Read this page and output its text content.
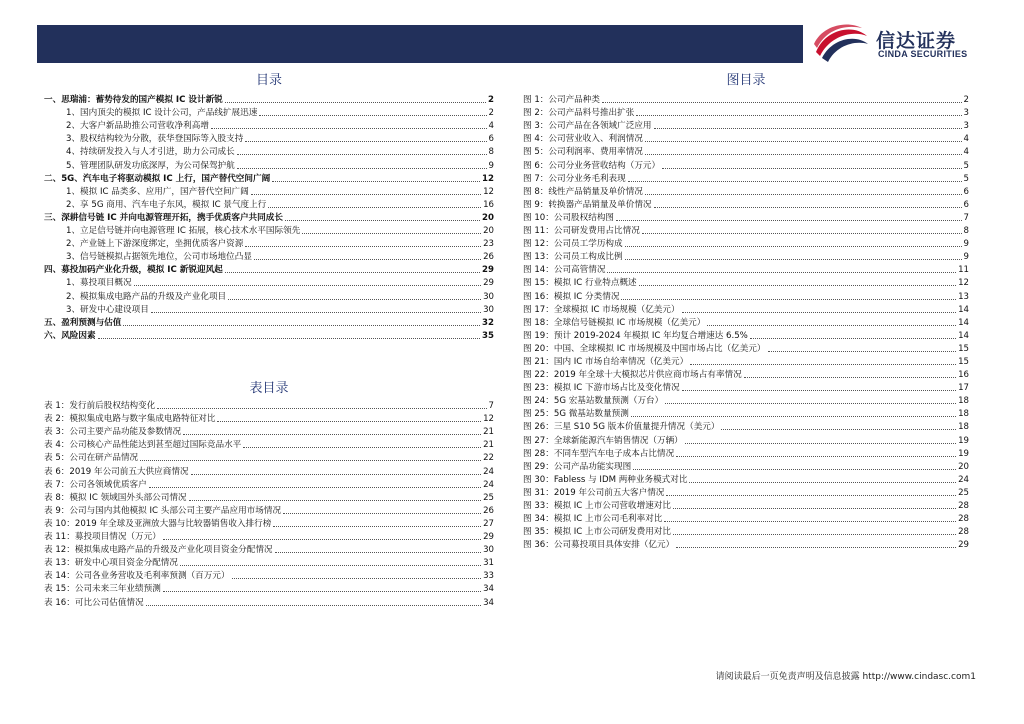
信达证券
CINDA SECURITIES
目录
一、思瑞浦：蓄势待发的国产模拟 IC 设计新锐	2
1、国内顶尖的模拟 IC 设计公司，产品线扩展迅速	2
2、大客户新品助推公司营收净利高增	4
3、股权结构较为分散，获华登国际等入股支持	6
4、持续研发投入与人才引进，助力公司成长	8
5、管理团队研发功底深厚，为公司保驾护航	9
二、5G、汽车电子将驱动模拟 IC 上行，国产替代空间广阔	12
1、模拟 IC 品类多、应用广，国产替代空间广阔	12
2、享 5G 商用、汽车电子东风，模拟 IC 景气度上行	16
三、深耕信号链 IC 并向电源管理开拓，携手优质客户共同成长	20
1、立足信号链并向电源管理 IC 拓展，核心技术水平国际领先	20
2、产业链上下游深度绑定，坐拥优质客户资源	23
3、信号链模拟占据领先地位，公司市场地位凸显	26
四、募投加码产业化升级，模拟 IC 新锐迎风起	29
1、募投项目概况	29
2、模拟集成电路产品的升级及产业化项目	30
3、研发中心建设项目	30
五、盈利预测与估值	32
六、风险因素	35
表目录
表 1：发行前后股权结构变化	7
表 2：模拟集成电路与数字集成电路特征对比	12
表 3：公司主要产品功能及参数情况	21
表 4：公司核心产品性能达到甚至超过国际竞品水平	21
表 5：公司在研产品情况	22
表 6：2019 年公司前五大供应商情况	24
表 7：公司各领域优质客户	24
表 8：模拟 IC 领域国外头部公司情况	25
表 9：公司与国内其他模拟 IC 头部公司主要产品应用市场情况	26
表 10：2019 年全球及亚洲放大器与比较器销售收入排行榜	27
表 11：募投项目情况（万元）	29
表 12：模拟集成电路产品的升级及产业化项目资金分配情况	30
表 13：研发中心项目资金分配情况	31
表 14：公司各业务营收及毛利率预测（百万元）	33
表 15：公司未来三年业绩预测	34
表 16：可比公司估值情况	34
图目录
图 1：公司产品种类	2
图 2：公司产品料号推出扩张	3
图 3：公司产品在各领域广泛应用	3
图 4：公司营业收入、利润情况	4
图 5：公司利润率、费用率情况	4
图 6：公司分业务营收结构（万元）	5
图 7：公司分业务毛利表现	5
图 8：线性产品销量及单价情况	6
图 9：转换器产品销量及单价情况	6
图 10：公司股权结构图	7
图 11：公司研发费用占比情况	8
图 12：公司员工学历构成	9
图 13：公司员工构成比例	9
图 14：公司高管情况	11
图 15：模拟 IC 行业特点概述	12
图 16：模拟 IC 分类情况	13
图 17：全球模拟 IC 市场规模（亿美元）	14
图 18：全球信号链模拟 IC 市场规模（亿美元）	14
图 19：预计 2019-2024 年模拟 IC 年均复合增速达 6.5%	14
图 20：中国、全球模拟 IC 市场规模及中国市场占比（亿美元）	15
图 21：国内 IC 市场自给率情况（亿美元）	15
图 22：2019 年全球十大模拟芯片供应商市场占有率情况	16
图 23：模拟 IC 下游市场占比及变化情况	17
图 24：5G 宏基站数量预测（万台）	18
图 25：5G 微基站数量预测	18
图 26：三星 S10 5G 版本价值量提升情况（美元）	18
图 27：全球新能源汽车销售情况（万辆）	19
图 28：不同车型汽车电子成本占比情况	19
图 29：公司产品功能实现图	20
图 30：Fabless 与 IDM 两种业务模式对比	24
图 31：2019 年公司前五大客户情况	25
图 33：模拟 IC 上市公司营收增速对比	28
图 34：模拟 IC 上市公司毛利率对比	28
图 35：模拟 IC 上市公司研发费用对比	28
图 36：公司募投项目具体安排（亿元）	29
请阅读最后一页免责声明及信息披露 http://www.cindasc.com1
